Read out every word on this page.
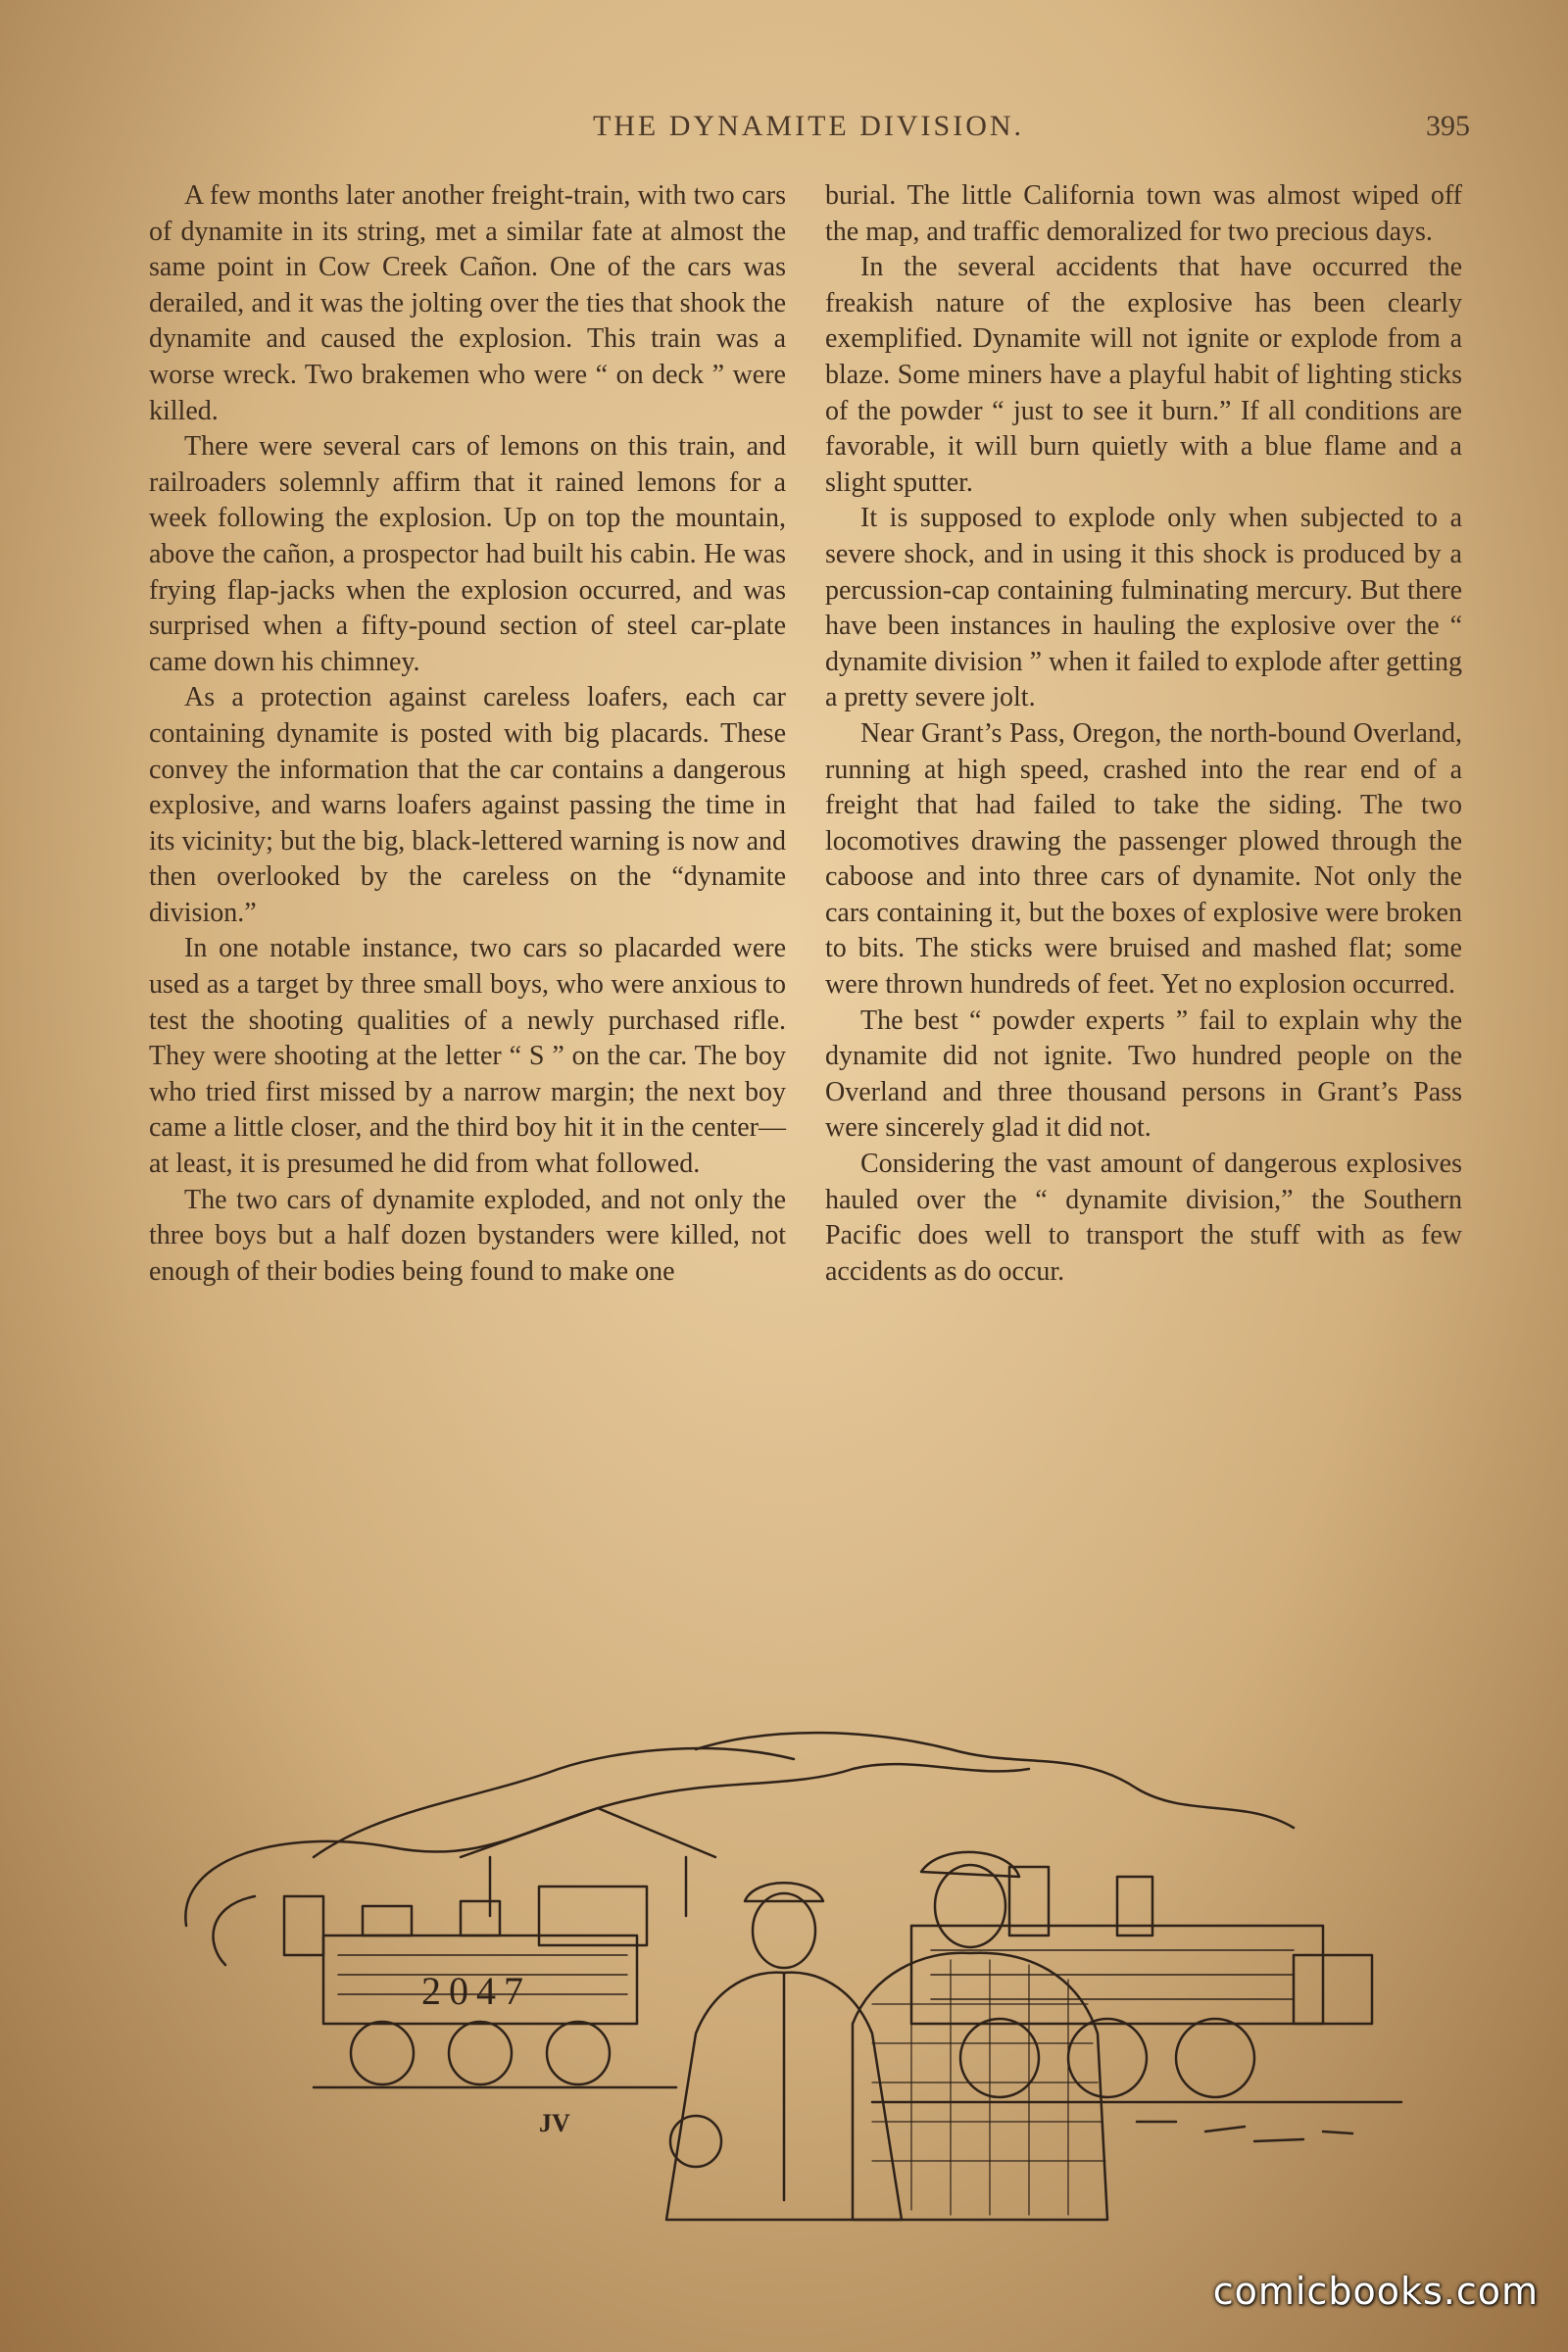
THE DYNAMITE DIVISION.	395

A few months later another freight-train, with two cars of dynamite in its string, met a similar fate at almost the same point in Cow Creek Cañon. One of the cars was derailed, and it was the jolting over the ties that shook the dynamite and caused the explosion. This train was a worse wreck. Two brakemen who were “ on deck ” were killed.

There were several cars of lemons on this train, and railroaders solemnly affirm that it rained lemons for a week following the explosion. Up on top the mountain, above the cañon, a prospector had built his cabin. He was frying flap-jacks when the explosion occurred, and was surprised when a fifty-pound section of steel car-plate came down his chimney.

As a protection against careless loafers, each car containing dynamite is posted with big placards. These convey the information that the car contains a dangerous explosive, and warns loafers against passing the time in its vicinity; but the big, black-lettered warning is now and then overlooked by the careless on the “dynamite division.”

In one notable instance, two cars so placarded were used as a target by three small boys, who were anxious to test the shooting qualities of a newly purchased rifle. They were shooting at the letter “ S ” on the car. The boy who tried first missed by a narrow margin; the next boy came a little closer, and the third boy hit it in the center—at least, it is presumed he did from what followed.

The two cars of dynamite exploded, and not only the three boys but a half dozen bystanders were killed, not enough of their bodies being found to make one

burial. The little California town was almost wiped off the map, and traffic demoralized for two precious days.

In the several accidents that have occurred the freakish nature of the explosive has been clearly exemplified. Dynamite will not ignite or explode from a blaze. Some miners have a playful habit of lighting sticks of the powder “ just to see it burn.” If all conditions are favorable, it will burn quietly with a blue flame and a slight sputter.

It is supposed to explode only when subjected to a severe shock, and in using it this shock is produced by a percussion-cap containing fulminating mercury. But there have been instances in hauling the explosive over the “ dynamite division ” when it failed to explode after getting a pretty severe jolt.

Near Grant’s Pass, Oregon, the north-bound Overland, running at high speed, crashed into the rear end of a freight that had failed to take the siding. The two locomotives drawing the passenger plowed through the caboose and into three cars of dynamite. Not only the cars containing it, but the boxes of explosive were broken to bits. The sticks were bruised and mashed flat; some were thrown hundreds of feet. Yet no explosion occurred.

The best “ powder experts ” fail to explain why the dynamite did not ignite. Two hundred people on the Overland and three thousand persons in Grant’s Pass were sincerely glad it did not.

Considering the vast amount of dangerous explosives hauled over the “ dynamite division,” the Southern Pacific does well to transport the stuff with as few accidents as do occur.

2047
JV
comicbooks.com
